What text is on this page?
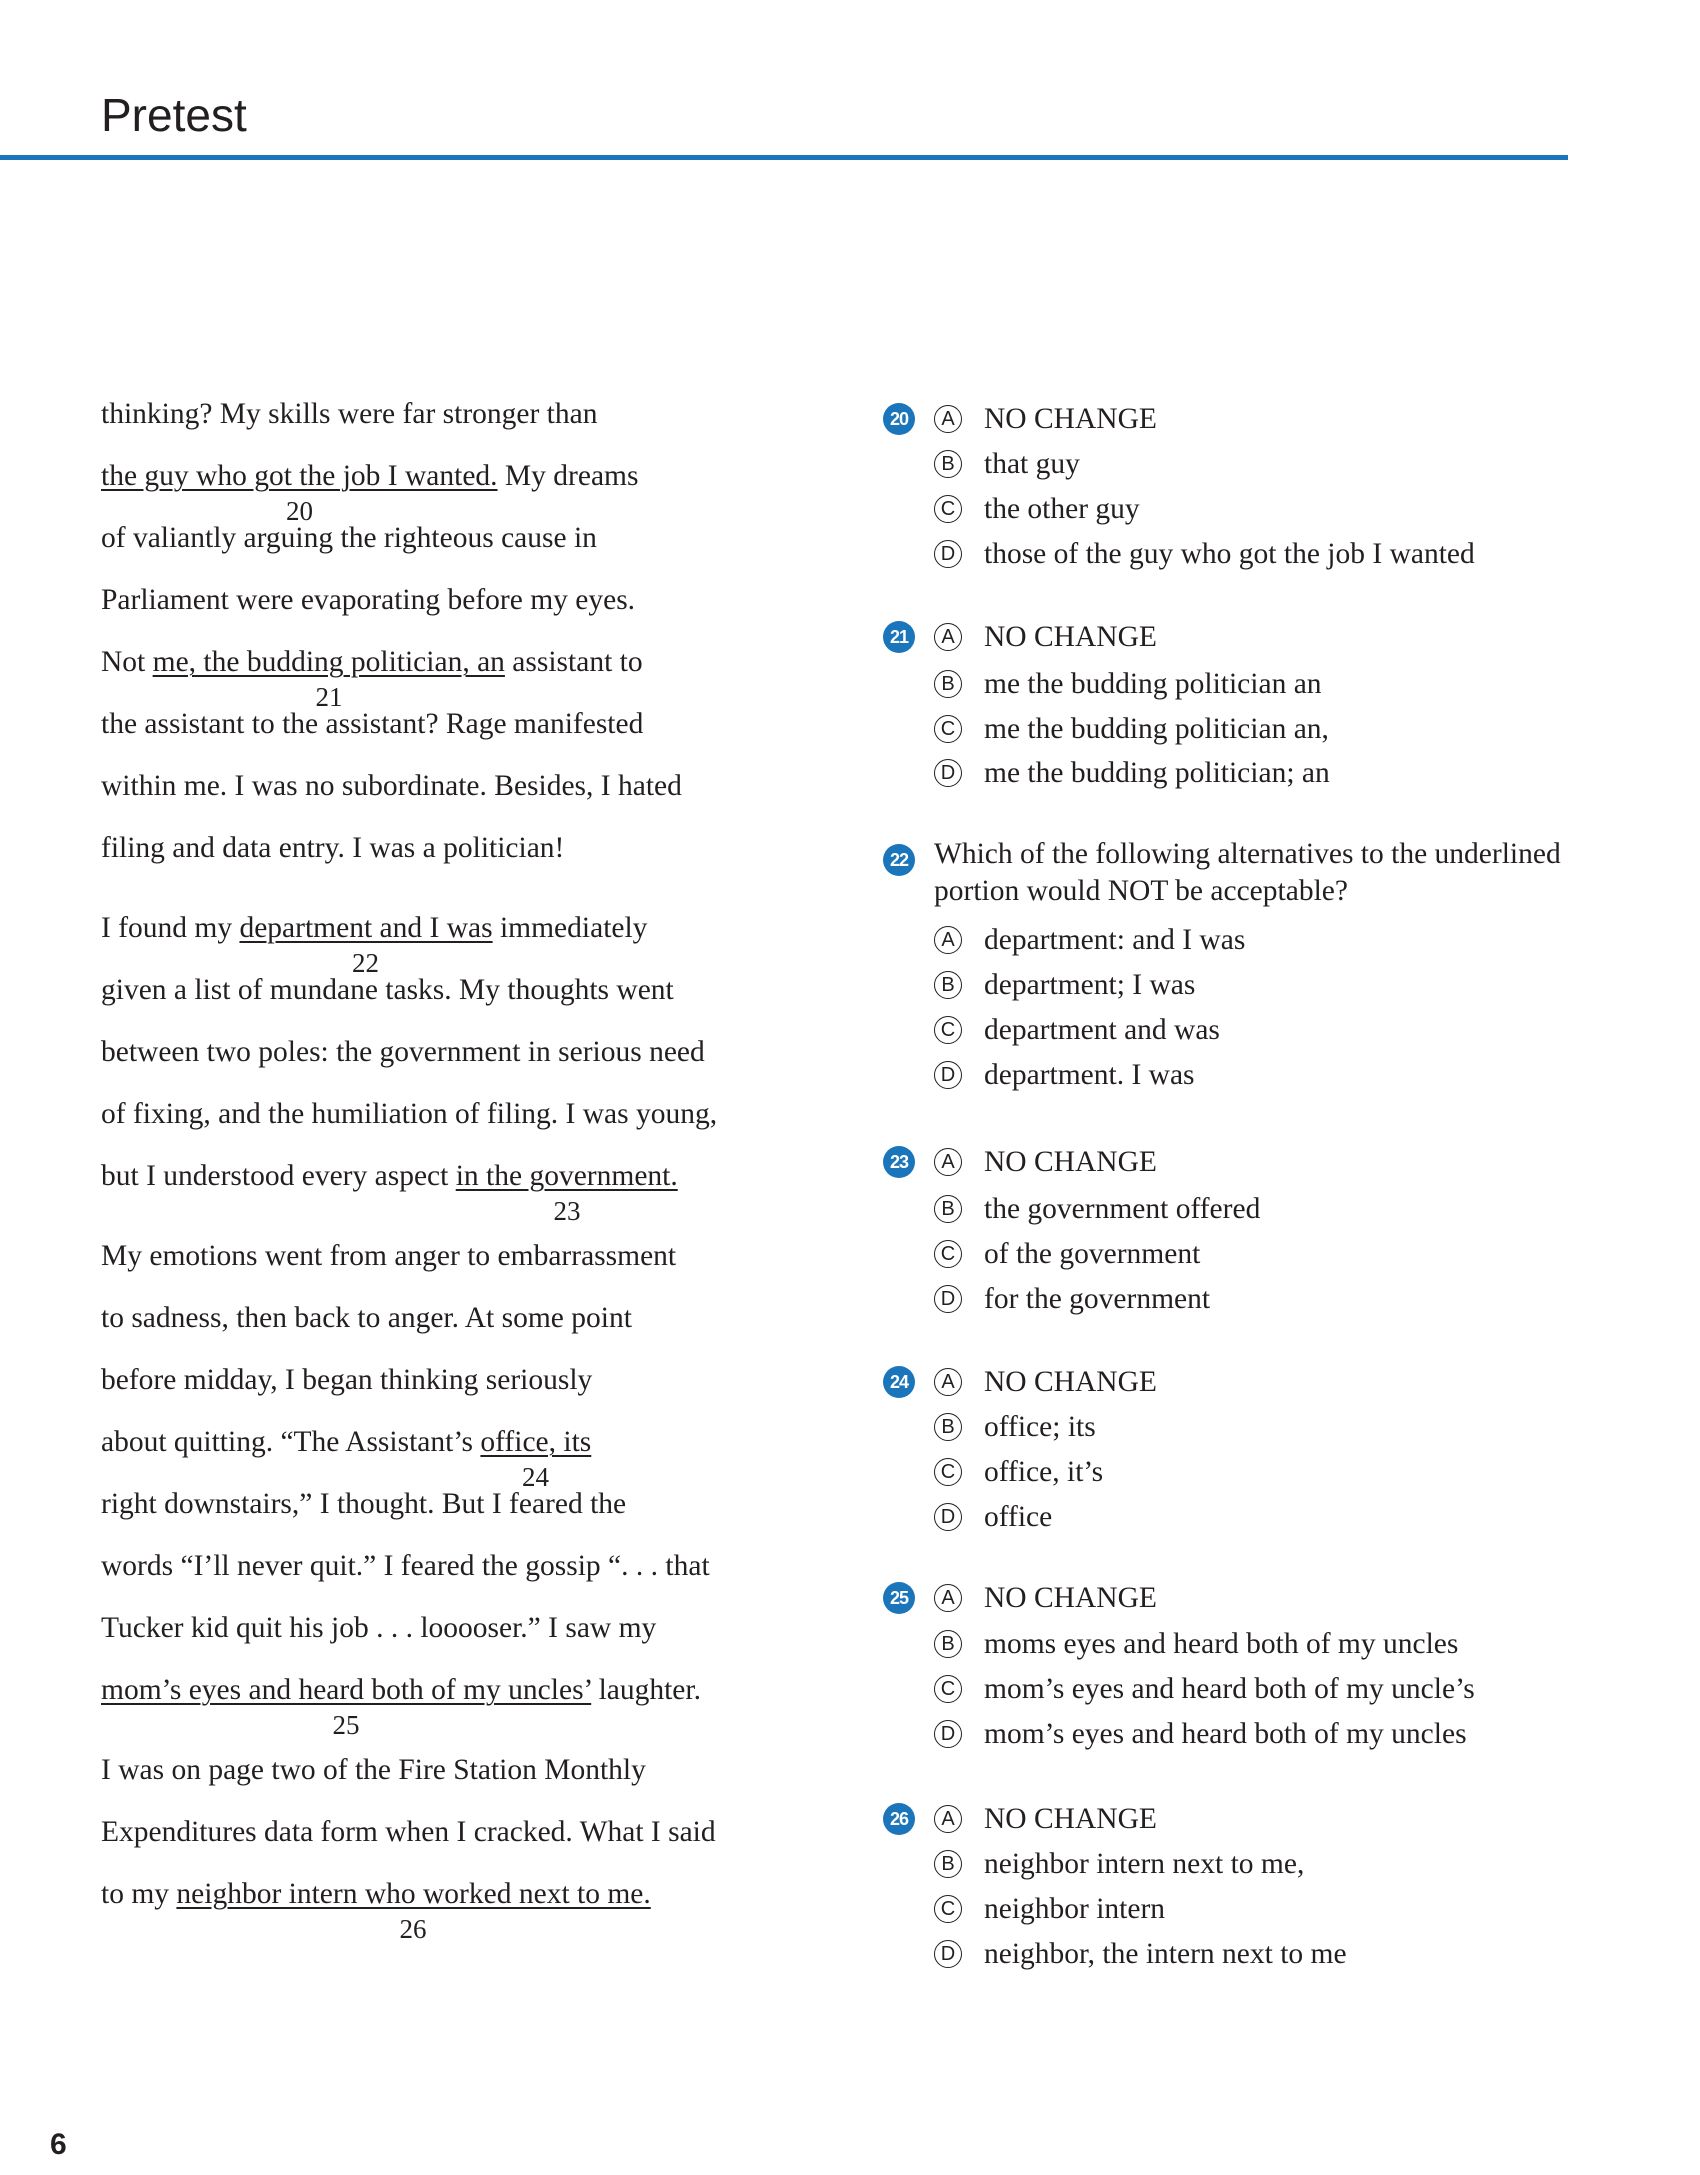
Pretest
thinking? My skills were far stronger than
the guy who got the job I wanted. My dreams
20
of valiantly arguing the righteous cause in
Parliament were evaporating before my eyes.
Not me, the budding politician, an assistant to
21
the assistant to the assistant? Rage manifested
within me. I was no subordinate. Besides, I hated
filing and data entry. I was a politician!
I found my department and I was immediately
22
given a list of mundane tasks. My thoughts went
between two poles: the government in serious need
of fixing, and the humiliation of filing. I was young,
but I understood every aspect in the government.
23
My emotions went from anger to embarrassment
to sadness, then back to anger. At some point
before midday, I began thinking seriously
about quitting. “The Assistant’s office, its
24
right downstairs,” I thought. But I feared the
words “I’ll never quit.” I feared the gossip “. . . that
Tucker kid quit his job . . . looooser.” I saw my
mom’s eyes and heard both of my uncles’ laughter.
25
I was on page two of the Fire Station Monthly
Expenditures data form when I cracked. What I said
to my neighbor intern who worked next to me.
26
20	A NO CHANGE
B that guy
C the other guy
D those of the guy who got the job I wanted
21	A NO CHANGE
B me the budding politician an
C me the budding politician an,
D me the budding politician; an
22 Which of the following alternatives to the underlined portion would NOT be acceptable?
A department: and I was
B department; I was
C department and was
D department. I was
23	A NO CHANGE
B the government offered
C of the government
D for the government
24	A NO CHANGE
B office; its
C office, it’s
D office
25	A NO CHANGE
B moms eyes and heard both of my uncles
C mom’s eyes and heard both of my uncle’s
D mom’s eyes and heard both of my uncles
26	A NO CHANGE
B neighbor intern next to me,
C neighbor intern
D neighbor, the intern next to me
6
